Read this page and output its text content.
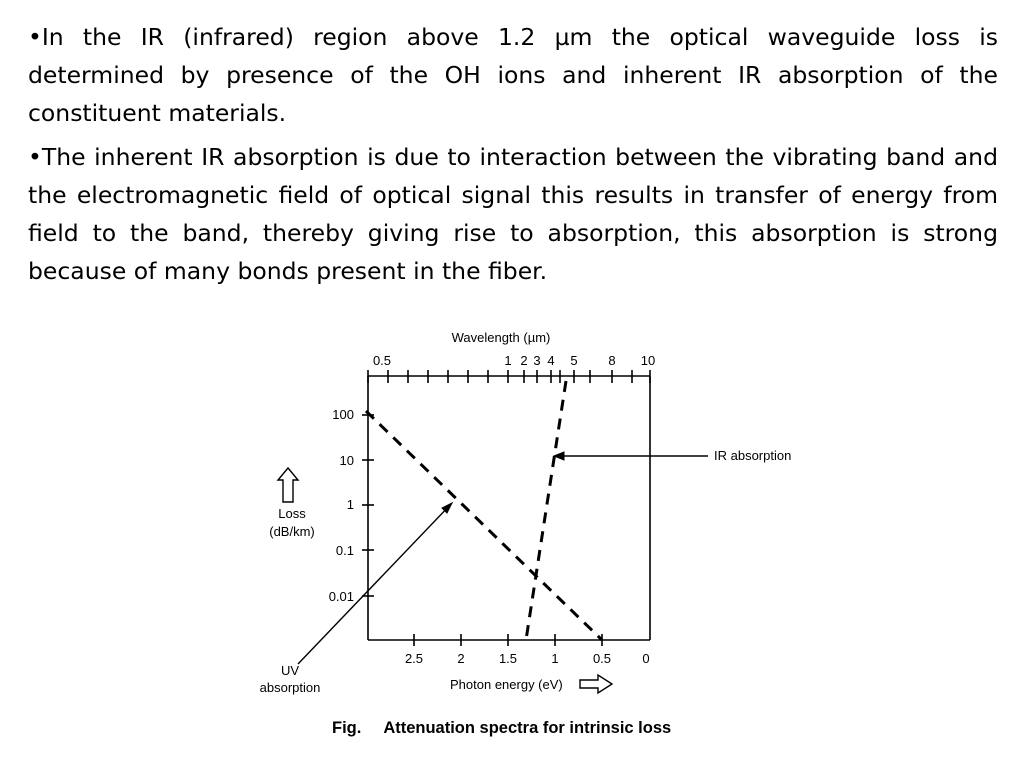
•In the IR (infrared) region above 1.2 µm the optical waveguide loss is determined by presence of the OH ions and inherent IR absorption of the constituent materials.

•The inherent IR absorption is due to interaction between the vibrating band and the electromagnetic field of optical signal this results in transfer of energy from field to the band, thereby giving rise to absorption, this absorption is strong because of many bonds present in the fiber.

Wavelength (µm)
0.5	1 2 3 4 5 8 10
100
10
1
0.1
0.01
2.5	2	1.5	1	0.5 0
Photon energy (eV)
IR absorption
Loss
(dB/km)
UV
absorption
Fig. Attenuation spectra for intrinsic loss
